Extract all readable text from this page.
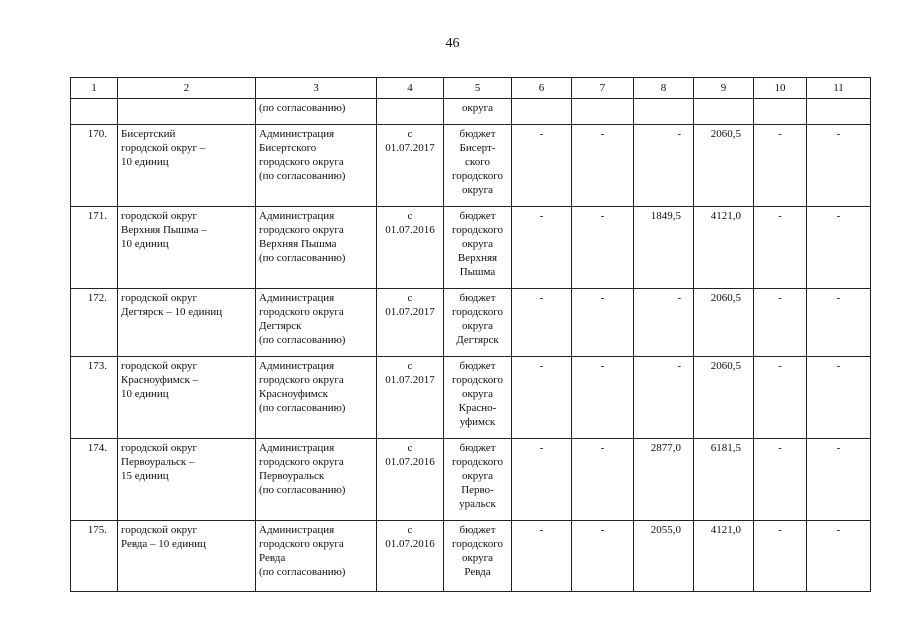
46
1	2	3	4	5	6	7	8	9	10	11
		(по согласованию)		округа						
170.	Бисертский
городской округ –
10 единиц	Администрация
Бисертского
городского округа
(по согласованию)	с
01.07.2017	бюджет
Бисерт-
ского
городского
округа	-	-	-	2060,5	-	-
171.	городской округ
Верхняя Пышма –
10 единиц	Администрация
городского округа
Верхняя Пышма
(по согласованию)	с
01.07.2016	бюджет
городского
округа
Верхняя
Пышма	-	-	1849,5	4121,0	-	-
172.	городской округ
Дегтярск – 10 единиц	Администрация
городского округа
Дегтярск
(по согласованию)	с
01.07.2017	бюджет
городского
округа
Дегтярск	-	-	-	2060,5	-	-
173.	городской округ
Красноуфимск –
10 единиц	Администрация
городского округа
Красноуфимск
(по согласованию)	с
01.07.2017	бюджет
городского
округа
Красно-
уфимск	-	-	-	2060,5	-	-
174.	городской округ
Первоуральск –
15 единиц	Администрация
городского округа
Первоуральск
(по согласованию)	с
01.07.2016	бюджет
городского
округа
Перво-
уральск	-	-	2877,0	6181,5	-	-
175.	городской округ
Ревда – 10 единиц	Администрация
городского округа
Ревда
(по согласованию)	с
01.07.2016	бюджет
городского
округа
Ревда	-	-	2055,0	4121,0	-	-
